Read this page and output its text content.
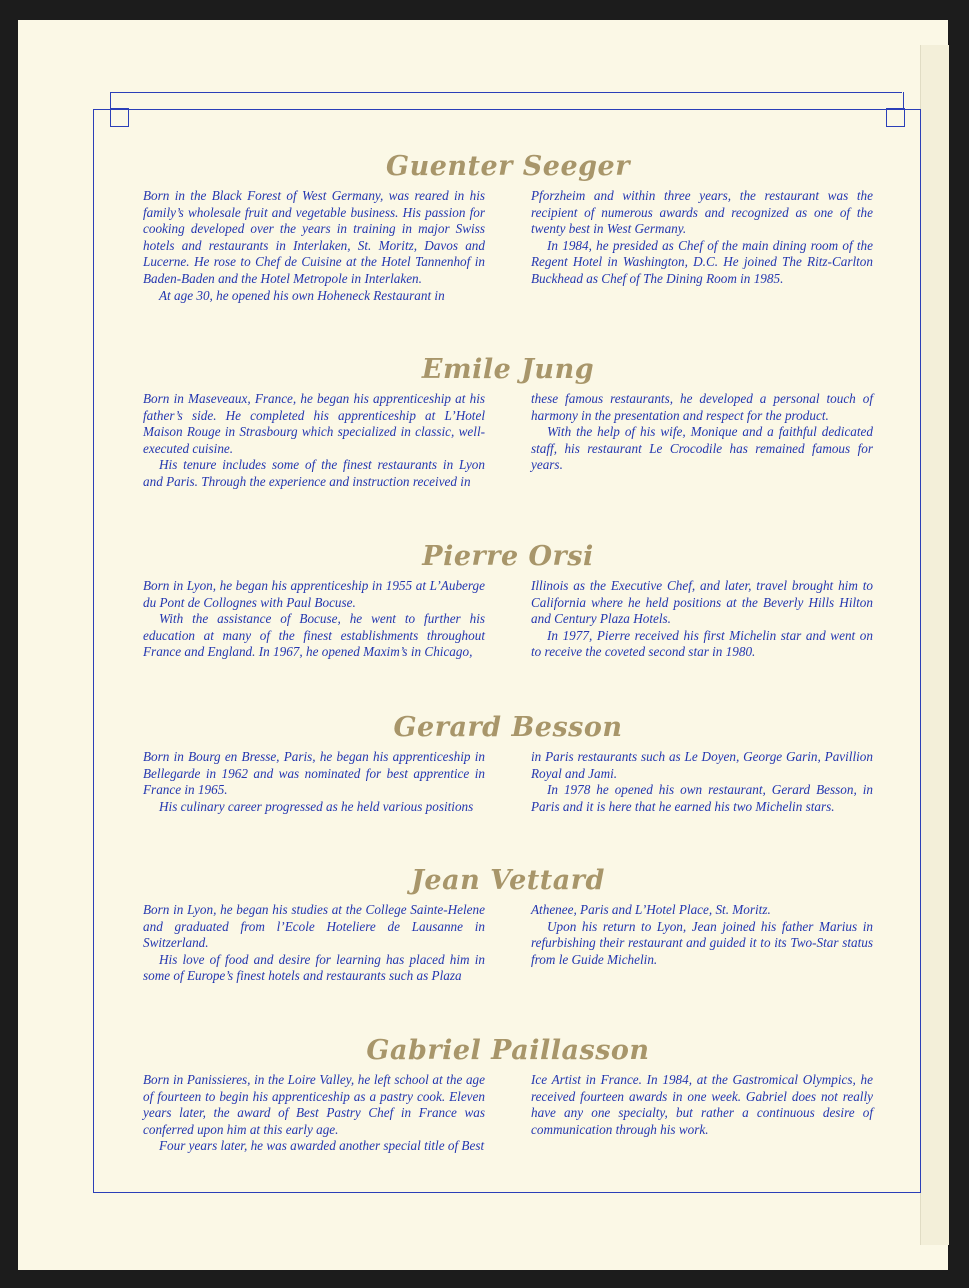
Guenter Seeger

Born in the Black Forest of West Germany, was reared in his family’s wholesale fruit and vegetable business. His passion for cooking developed over the years in training in major Swiss hotels and restaurants in Interlaken, St. Moritz, Davos and Lucerne. He rose to Chef de Cuisine at the Hotel Tannenhof in Baden-Baden and the Hotel Metropole in Interlaken.

At age 30, he opened his own Hoheneck Restaurant in

Pforzheim and within three years, the restaurant was the recipient of numerous awards and recognized as one of the twenty best in West Germany.

In 1984, he presided as Chef of the main dining room of the Regent Hotel in Washington, D.C. He joined The Ritz-Carlton Buckhead as Chef of The Dining Room in 1985.

Emile Jung

Born in Maseveaux, France, he began his apprenticeship at his father’s side. He completed his apprenticeship at L’Hotel Maison Rouge in Strasbourg which specialized in classic, well-executed cuisine.

His tenure includes some of the finest restaurants in Lyon and Paris. Through the experience and instruction received in

these famous restaurants, he developed a personal touch of harmony in the presentation and respect for the product.

With the help of his wife, Monique and a faithful dedicated staff, his restaurant Le Crocodile has remained famous for years.

Pierre Orsi

Born in Lyon, he began his apprenticeship in 1955 at L’Auberge du Pont de Collognes with Paul Bocuse.

With the assistance of Bocuse, he went to further his education at many of the finest establishments throughout France and England. In 1967, he opened Maxim’s in Chicago,

Illinois as the Executive Chef, and later, travel brought him to California where he held positions at the Beverly Hills Hilton and Century Plaza Hotels.

In 1977, Pierre received his first Michelin star and went on to receive the coveted second star in 1980.

Gerard Besson

Born in Bourg en Bresse, Paris, he began his apprenticeship in Bellegarde in 1962 and was nominated for best apprentice in France in 1965.

His culinary career progressed as he held various positions

in Paris restaurants such as Le Doyen, George Garin, Pavillion Royal and Jami.

In 1978 he opened his own restaurant, Gerard Besson, in Paris and it is here that he earned his two Michelin stars.

Jean Vettard

Born in Lyon, he began his studies at the College Sainte-Helene and graduated from l’Ecole Hoteliere de Lausanne in Switzerland.

His love of food and desire for learning has placed him in some of Europe’s finest hotels and restaurants such as Plaza

Athenee, Paris and L’Hotel Place, St. Moritz.

Upon his return to Lyon, Jean joined his father Marius in refurbishing their restaurant and guided it to its Two-Star status from le Guide Michelin.

Gabriel Paillasson

Born in Panissieres, in the Loire Valley, he left school at the age of fourteen to begin his apprenticeship as a pastry cook. Eleven years later, the award of Best Pastry Chef in France was conferred upon him at this early age.

Four years later, he was awarded another special title of Best

Ice Artist in France. In 1984, at the Gastromical Olympics, he received fourteen awards in one week. Gabriel does not really have any one specialty, but rather a continuous desire of communication through his work.
